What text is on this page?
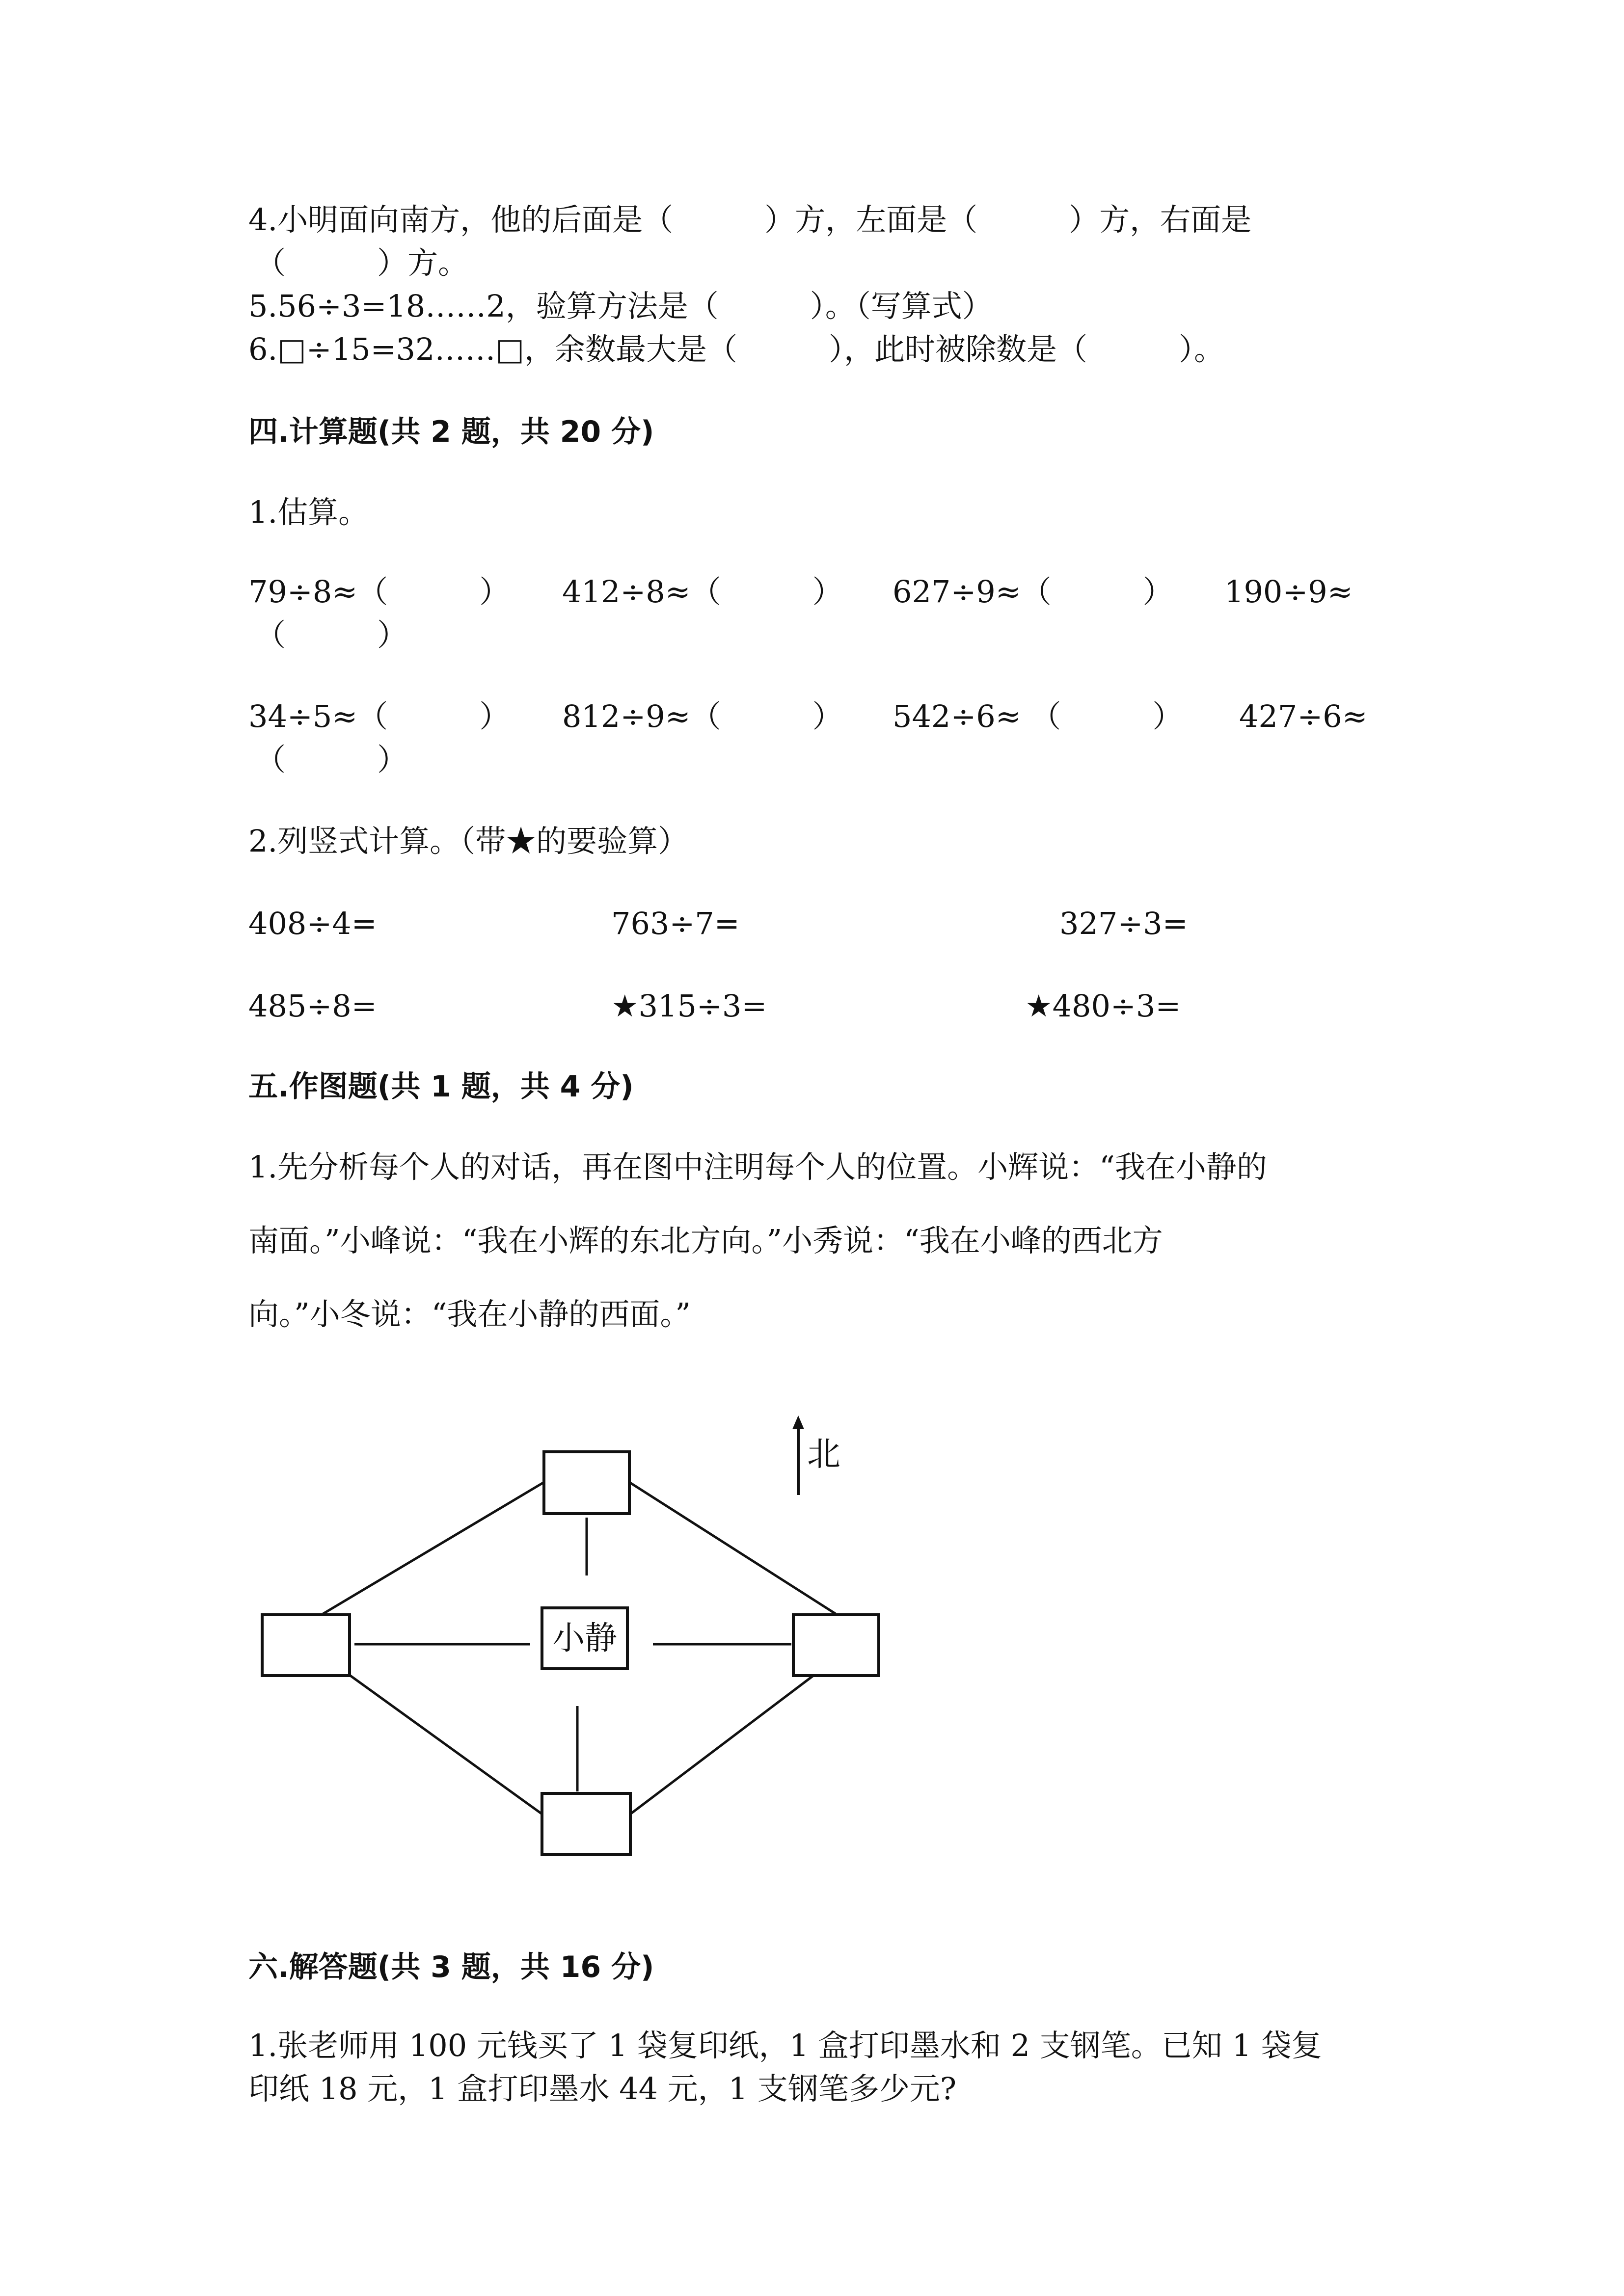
4.小明面向南方，他的后面是（　　　）方，左面是（　　　）方，右面是
（　　　）方。
5.56÷3=18……2，验算方法是（　　　）。（写算式）
6.□÷15=32……□，余数最大是（　　　），此时被除数是（　　　）。
四.计算题(共 2 题，共 20 分)
1.估算。
79÷8≈（　　　） 412÷8≈（　　　） 627÷9≈（　　　） 190÷9≈
（　　　）
34÷5≈（　　　） 812÷9≈（　　　） 542÷6≈ （　　　） 427÷6≈
（　　　）
2.列竖式计算。（带★的要验算）
408÷4=	763÷7=	327÷3=
485÷8=	★315÷3=	★480÷3=
五.作图题(共 1 题，共 4 分)
1.先分析每个人的对话，再在图中注明每个人的位置。小辉说：“我在小静的
南面。”小峰说：“我在小辉的东北方向。”小秀说：“我在小峰的西北方
向。”小冬说：“我在小静的西面。”
小静
北
六.解答题(共 3 题，共 16 分)
1.张老师用 100 元钱买了 1 袋复印纸，1 盒打印墨水和 2 支钢笔。已知 1 袋复
印纸 18 元，1 盒打印墨水 44 元，1 支钢笔多少元?
